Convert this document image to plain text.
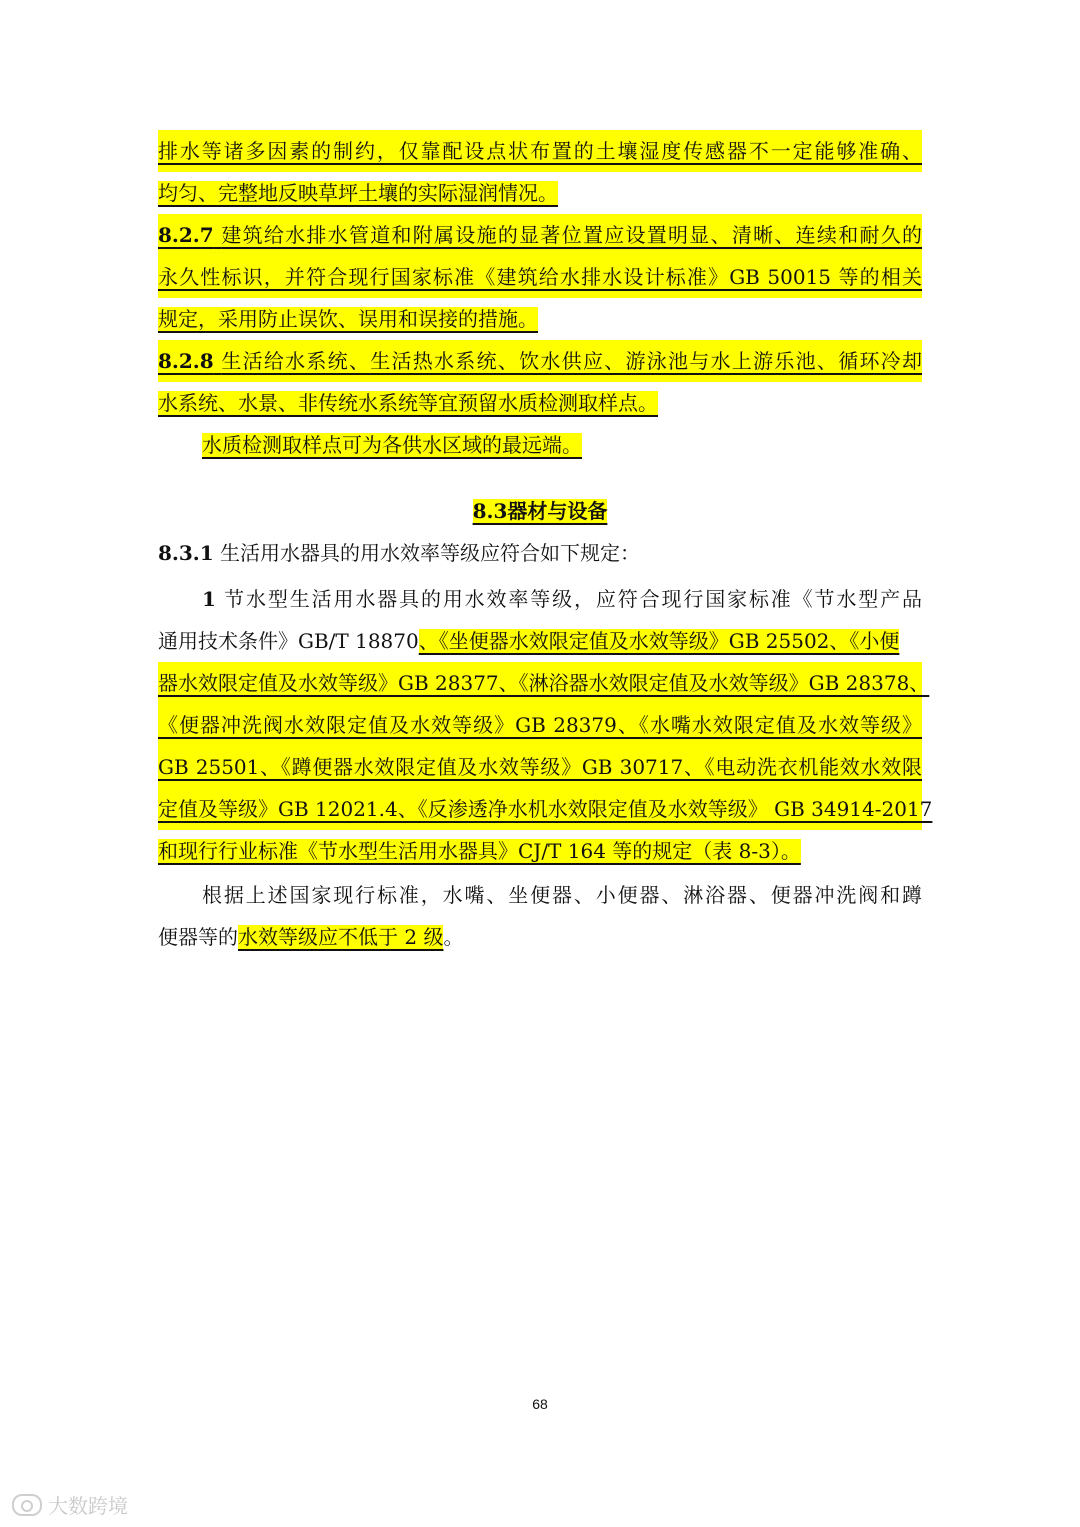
排水等诸多因素的制约，仅靠配设点状布置的土壤湿度传感器不一定能够准确、
均匀、完整地反映草坪土壤的实际湿润情况。
8.2.7 建筑给水排水管道和附属设施的显著位置应设置明显、清晰、连续和耐久的
永久性标识，并符合现行国家标准《建筑给水排水设计标准》GB 50015 等的相关
规定，采用防止误饮、误用和误接的措施。
8.2.8 生活给水系统、生活热水系统、饮水供应、游泳池与水上游乐池、循环冷却
水系统、水景、非传统水系统等宜预留水质检测取样点。
水质检测取样点可为各供水区域的最远端。
8.3器材与设备
8.3.1 生活用水器具的用水效率等级应符合如下规定：
1 节水型生活用水器具的用水效率等级，应符合现行国家标准《节水型产品
通用技术条件》GB/T 18870、《坐便器水效限定值及水效等级》GB 25502、《小便
器水效限定值及水效等级》GB 28377、《淋浴器水效限定值及水效等级》GB 28378、
《便器冲洗阀水效限定值及水效等级》GB 28379、《水嘴水效限定值及水效等级》
GB 25501、《蹲便器水效限定值及水效等级》GB 30717、《电动洗衣机能效水效限
定值及等级》GB 12021.4、《反渗透净水机水效限定值及水效等级》 GB 34914-2017
和现行行业标准《节水型生活用水器具》CJ/T 164 等的规定（表 8-3）。
根据上述国家现行标准，水嘴、坐便器、小便器、淋浴器、便器冲洗阀和蹲
便器等的水效等级应不低于 2 级。
68
大数跨境
